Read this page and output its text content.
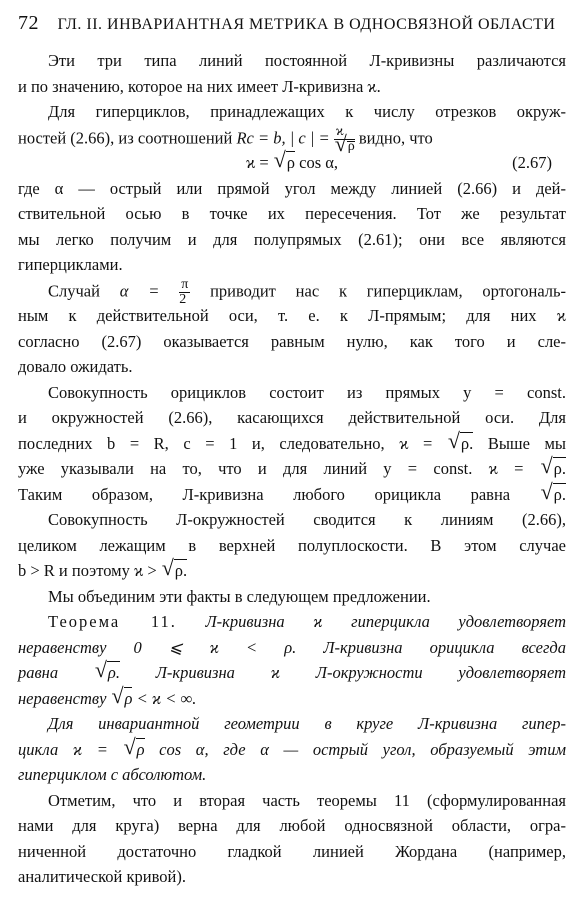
72 ГЛ. II. ИНВАРИАНТНАЯ МЕТРИКА В ОДНОСВЯЗНОЙ ОБЛАСТИ
Эти три типа линий постоянной Л-кривизны различаются
и по значению, которое на них имеет Л-кривизна ϰ.
Для гиперциклов, принадлежащих к числу отрезков окруж-
ностей (2.66), из соотношений Rc = b, | c | = ϰ
√ ρ видно, что
ϰ = √ ρ cos α,	(2.67)
где α — острый или прямой угол между линией (2.66) и дей-
ствительной осью в точке их пересечения. Тот же результат
мы легко получим и для полупрямых (2.61); они все являются
гиперциклами.
Случай $\alpha = \frac{\pi}{2}$ приводит нас к гиперциклам, ортогональ-
ным к действительной оси, т. е. к Л-прямым; для них ϰ
согласно (2.67) оказывается равным нулю, как того и сле-
довало ожидать.
Совокупность орициклов состоит из прямых y = const.
и окружностей (2.66), касающихся действительной оси. Для
последних b = R, c = 1 и, следовательно, ϰ = √ ρ. Выше мы
уже указывали на то, что и для линий y = const. ϰ = √ ρ.
Таким образом, Л-кривизна любого орицикла равна	√ ρ.
Совокупность Л-окружностей сводится к линиям (2.66),
целиком лежащим в верхней полуплоскости. В этом случае
b > R и поэтому ϰ > √ ρ.
Мы объединим эти факты в следующем предложении.
Теорема 11. Л-кривизна ϰ гиперцикла удовлетворяет
неравенству 0 ⩽ ϰ < ρ. Л-кривизна орицикла всегда
равна	√ ρ. Л-кривизна ϰ Л-окружности удовлетворяет
неравенству √ ρ < ϰ < ∞.
Для инвариантной геометрии в круге Л-кривизна гипер-
цикла ϰ = √ ρ cos α, где α — острый угол, образуемый этим
гиперциклом с абсолютом.
Отметим, что и вторая часть теоремы 11 (сформулированная
нами для круга) верна для любой односвязной области, огра-
ниченной достаточно гладкой линией Жордана (например,
аналитической кривой).
